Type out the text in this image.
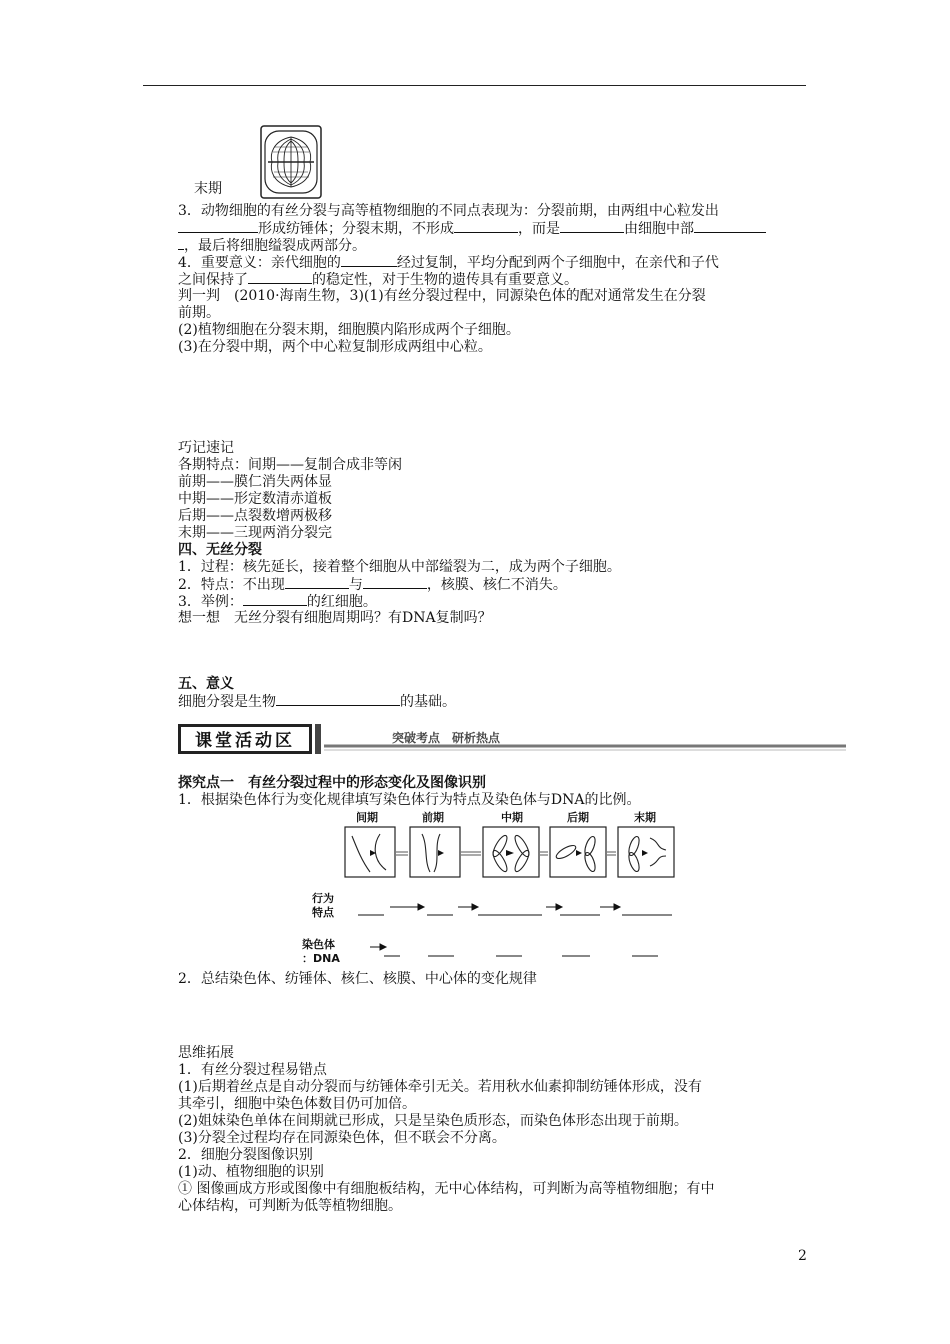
末期
3．动物细胞的有丝分裂与高等植物细胞的不同点表现为：分裂前期，由两组中心粒发出
形成纺锤体；分裂末期，不形成	，而是	由细胞中部
，最后将细胞缢裂成两部分。
4．重要意义：亲代细胞的	经过复制，平均分配到两个子细胞中，在亲代和子代
之间保持了	的稳定性，对于生物的遗传具有重要意义。
判一判　(2010·海南生物，3)(1)有丝分裂过程中，同源染色体的配对通常发生在分裂
前期。
(2)植物细胞在分裂末期，细胞膜内陷形成两个子细胞。
(3)在分裂中期，两个中心粒复制形成两组中心粒。
巧记速记
各期特点：间期——复制合成非等闲
前期——膜仁消失两体显
中期——形定数清赤道板
后期——点裂数增两极移
末期——三现两消分裂完
四、无丝分裂
1．过程：核先延长，接着整个细胞从中部缢裂为二，成为两个子细胞。
2．特点：不出现	与	，核膜、核仁不消失。
3．举例：	的红细胞。
想一想　无丝分裂有细胞周期吗？有DNA复制吗？
五、意义
细胞分裂是生物	的基础。
课堂活动区	突破考点　研析热点
探究点一　有丝分裂过程中的形态变化及图像识别
1．根据染色体行为变化规律填写染色体行为特点及染色体与DNA的比例。
间期	前期	中期	后期	末期
行为
特点
染色体
：DNA
2．总结染色体、纺锤体、核仁、核膜、中心体的变化规律
思维拓展
1．有丝分裂过程易错点
(1)后期着丝点是自动分裂而与纺锤体牵引无关。若用秋水仙素抑制纺锤体形成，没有
其牵引，细胞中染色体数目仍可加倍。
(2)姐妹染色单体在间期就已形成，只是呈染色质形态，而染色体形态出现于前期。
(3)分裂全过程均存在同源染色体，但不联会不分离。
2．细胞分裂图像识别
(1)动、植物细胞的识别
① 图像画成方形或图像中有细胞板结构，无中心体结构，可判断为高等植物细胞；有中
心体结构，可判断为低等植物细胞。
2
